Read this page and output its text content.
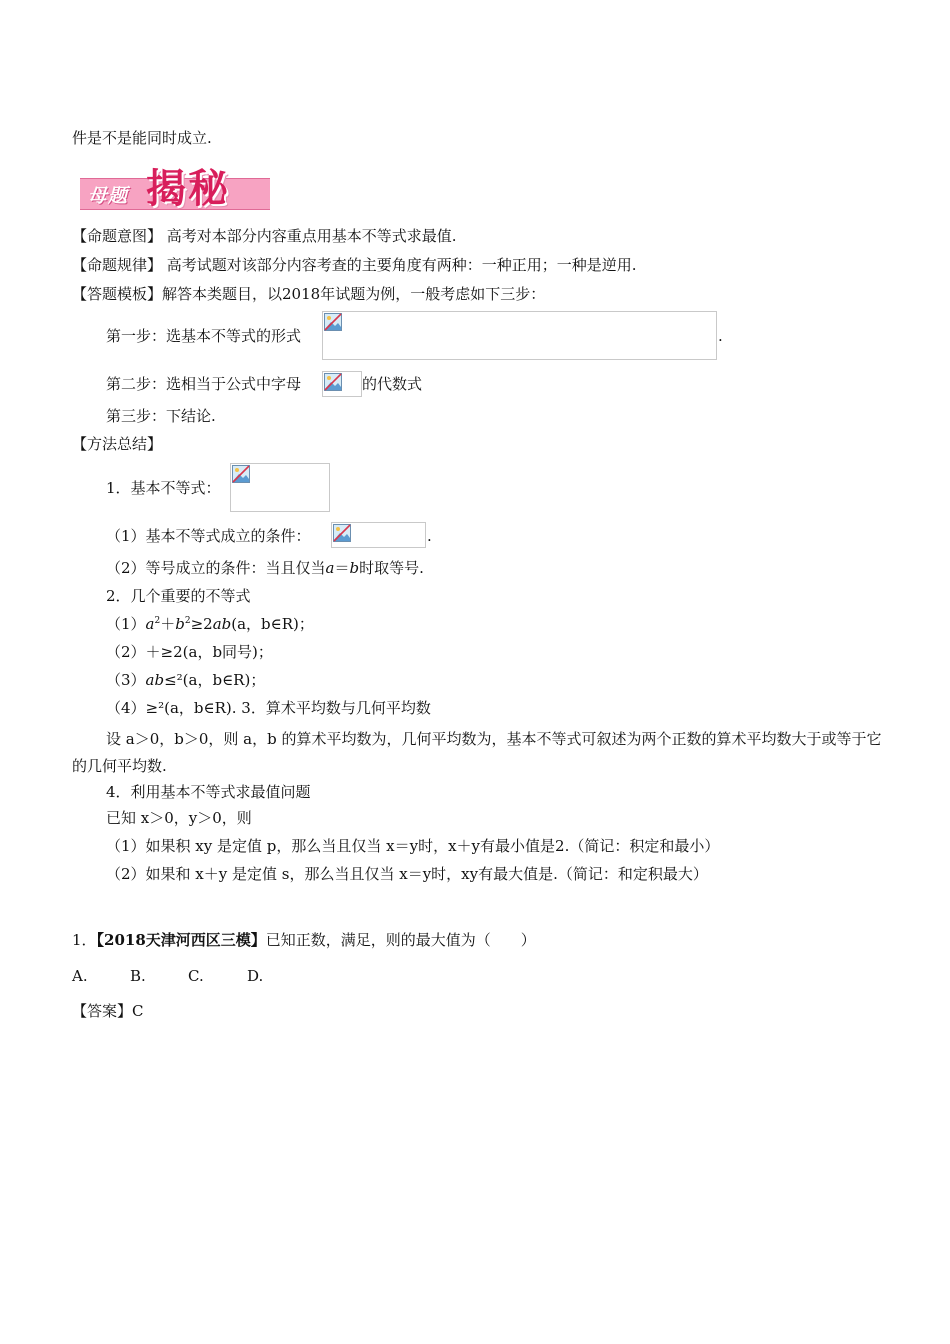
件是不是能同时成立.
母题 揭秘
【命题意图】 高考对本部分内容重点用基本不等式求最值.
【命题规律】 高考试题对该部分内容考查的主要角度有两种：一种正用；一种是逆用.
【答题模板】解答本类题目，以2018年试题为例，一般考虑如下三步：
第一步：选基本不等式的形式	.
第二步：选相当于公式中字母	的代数式
第三步：下结论.
【方法总结】
1．基本不等式：
（1）基本不等式成立的条件：	.
（2）等号成立的条件：当且仅当a＝b时取等号.
2．几个重要的不等式
$(1)a^2+b^2\ge 2ab(a$，b∈R)；
（2）＋≥2(a，b同号)；
（3）ab≤²(a，b∈R)；
（4）≥²(a，b∈R). 3．算术平均数与几何平均数
设 a＞0，b＞0，则 a，b 的算术平均数为，几何平均数为，基本不等式可叙述为两个正数的算术平均数大于或等于它的几何平均数.
4．利用基本不等式求最值问题
已知 x＞0，y＞0，则
（1）如果积 xy 是定值 p，那么当且仅当 x＝y时，x＋y有最小值是2.（简记：积定和最小）
（2）如果和 x＋y 是定值 s，那么当且仅当 x＝y时，xy有最大值是.（简记：和定积最大）
1．【2018天津河西区三模】已知正数，满足，则的最大值为（　　）
A.	B.	C.	D.
【答案】C
